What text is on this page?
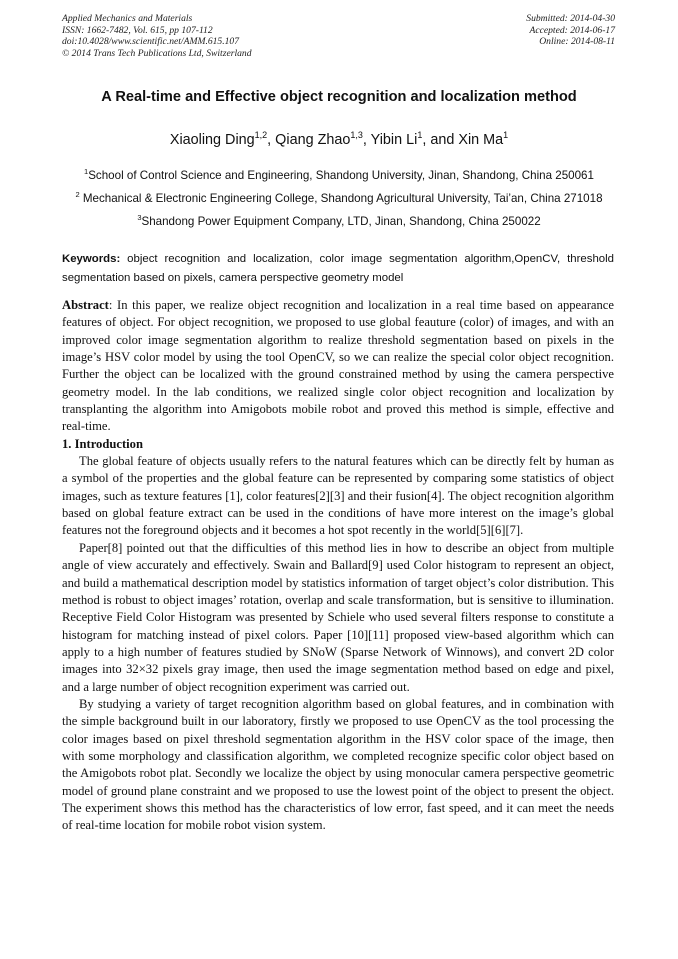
Applied Mechanics and Materials
ISSN: 1662-7482, Vol. 615, pp 107-112
doi:10.4028/www.scientific.net/AMM.615.107
© 2014 Trans Tech Publications Ltd, Switzerland
Submitted: 2014-04-30
Accepted: 2014-06-17
Online: 2014-08-11
A Real-time and Effective object recognition and localization method
Xiaoling Ding$^{1,2}$, Qiang Zhao$^{1,3}$, Yibin Li$^1$, and Xin Ma$^1$
$^1$School of Control Science and Engineering, Shandong University, Jinan, Shandong, China 250061
$^2$ Mechanical & Electronic Engineering College, Shandong Agricultural University, Tai’an, China 271018
$^3$Shandong Power Equipment Company, LTD, Jinan, Shandong, China 250022
Keywords: object recognition and localization, color image segmentation algorithm,OpenCV, threshold segmentation based on pixels, camera perspective geometry model

Abstract: In this paper, we realize object recognition and localization in a real time based on appearance features of object. For object recognition, we proposed to use global feauture (color) of images, and with an improved color image segmentation algorithm to realize threshold segmentation based on pixels in the image’s HSV color model by using the tool OpenCV, so we can realize the special color object recognition. Further the object can be localized with the ground constrained method by using the camera perspective geometry model. In the lab conditions, we realized single color object recognition and localization by transplanting the algorithm into Amigobots mobile robot and proved this method is simple, effective and real-time.

1. Introduction

The global feature of objects usually refers to the natural features which can be directly felt by human as a symbol of the properties and the global feature can be represented by comparing some statistics of object images, such as texture features [1], color features[2][3] and their fusion[4]. The object recognition algorithm based on global feature extract can be used in the conditions of have more interest on the image’s global features not the foreground objects and it becomes a hot spot recently in the world[5][6][7].

Paper[8] pointed out that the difficulties of this method lies in how to describe an object from multiple angle of view accurately and effectively. Swain and Ballard[9] used Color histogram to represent an object, and build a mathematical description model by statistics information of target object’s color distribution. This method is robust to object images’ rotation, overlap and scale transformation, but is sensitive to illumination. Receptive Field Color Histogram was presented by Schiele who used several filters response to constitute a histogram for matching instead of pixel colors. Paper [10][11] proposed view-based algorithm which can apply to a high number of features studied by SNoW (Sparse Network of Winnows), and convert 2D color images into 32×32 pixels gray image, then used the image segmentation method based on edge and pixel, and a large number of object recognition experiment was carried out.

By studying a variety of target recognition algorithm based on global features, and in combination with the simple background built in our laboratory, firstly we proposed to use OpenCV as the tool processing the color images based on pixel threshold segmentation algorithm in the HSV color space of the image, then with some morphology and classification algorithm, we completed recognize specific color object based on the Amigobots robot plat. Secondly we localize the object by using monocular camera perspective geometric model of ground plane constraint and we proposed to use the lowest point of the object to present the object. The experiment shows this method has the characteristics of low error, fast speed, and it can meet the needs of real-time location for mobile robot vision system.
